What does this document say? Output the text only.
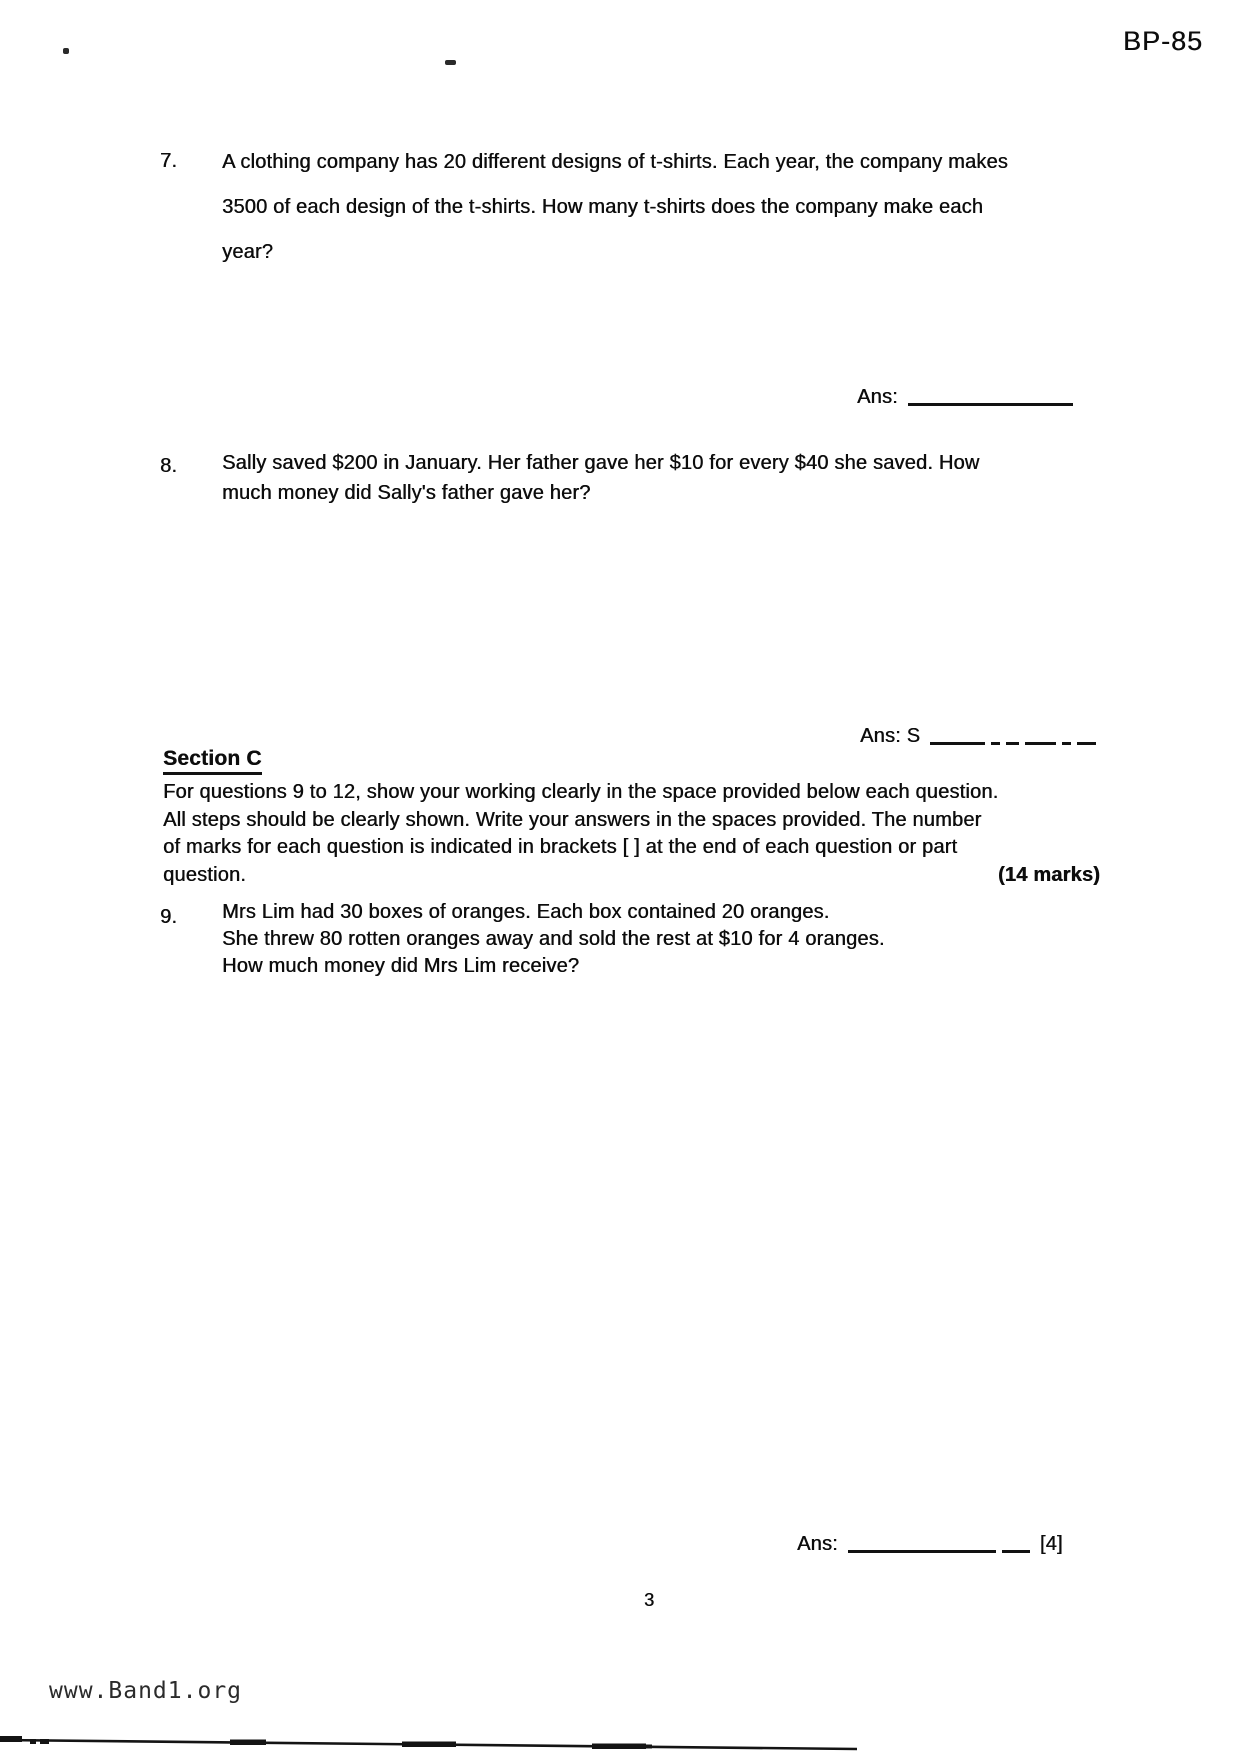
BP-85
7.	A clothing company has 20 different designs of t-shirts. Each year, the company makes
3500 of each design of the t-shirts. How many t-shirts does the company make each
year?
Ans:
8.	Sally saved $200 in January. Her father gave her $10 for every $40 she saved. How
much money did Sally's father gave her?
Ans: S
Section C
For questions 9 to 12, show your working clearly in the space provided below each question.
All steps should be clearly shown. Write your answers in the spaces provided. The number
of marks for each question is indicated in brackets [ ] at the end of each question or part
question.	(14 marks)
9.	Mrs Lim had 30 boxes of oranges. Each box contained 20 oranges.
She threw 80 rotten oranges away and sold the rest at $10 for 4 oranges.
How much money did Mrs Lim receive?
Ans:	[4]
3
www.Band1.org
